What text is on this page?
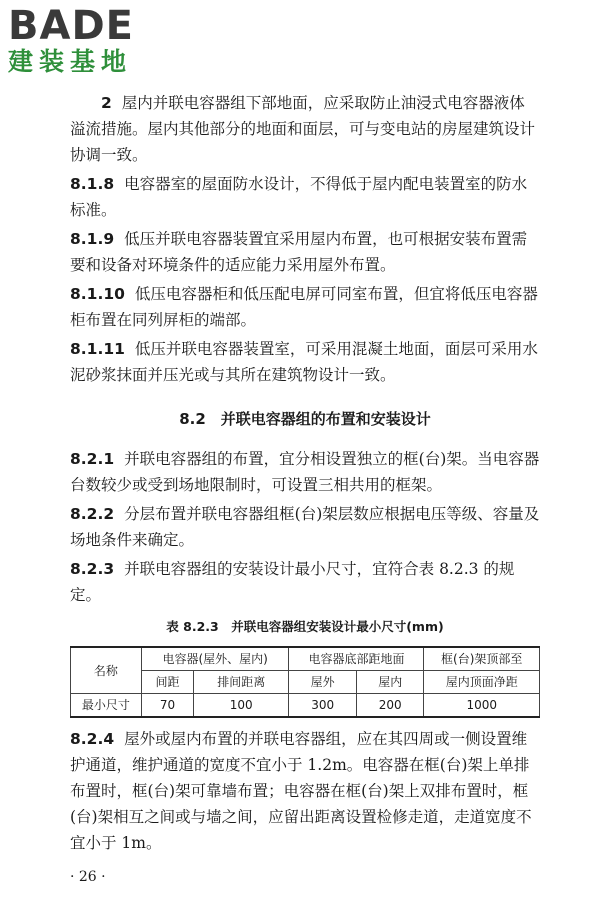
BADE
建装基地

2 屋内并联电容器组下部地面，应采取防止油浸式电容器液体溢流措施。屋内其他部分的地面和面层，可与变电站的房屋建筑设计协调一致。

8.1.8 电容器室的屋面防水设计，不得低于屋内配电装置室的防水标准。

8.1.9 低压并联电容器装置宜采用屋内布置，也可根据安装布置需要和设备对环境条件的适应能力采用屋外布置。

8.1.10 低压电容器柜和低压配电屏可同室布置，但宜将低压电容器柜布置在同列屏柜的端部。

8.1.11 低压并联电容器装置室，可采用混凝土地面，面层可采用水泥砂浆抹面并压光或与其所在建筑物设计一致。

8.2　并联电容器组的布置和安装设计

8.2.1 并联电容器组的布置，宜分相设置独立的框(台)架。当电容器台数较少或受到场地限制时，可设置三相共用的框架。

8.2.2 分层布置并联电容器组框(台)架层数应根据电压等级、容量及场地条件来确定。

8.2.3 并联电容器组的安装设计最小尺寸，宜符合表 8.2.3 的规定。

表 8.2.3　并联电容器组安装设计最小尺寸(mm)
名称	电容器(屋外、屋内)		电容器底部距地面		框(台)架顶部至
	间距	排间距离	屋外	屋内	屋内顶面净距
最小尺寸	70	100	300	200	1000

8.2.4 屋外或屋内布置的并联电容器组，应在其四周或一侧设置维护通道，维护通道的宽度不宜小于 1.2m。电容器在框(台)架上单排布置时，框(台)架可靠墙布置；电容器在框(台)架上双排布置时，框(台)架相互之间或与墙之间，应留出距离设置检修走道，走道宽度不宜小于 1m。

· 26 ·
